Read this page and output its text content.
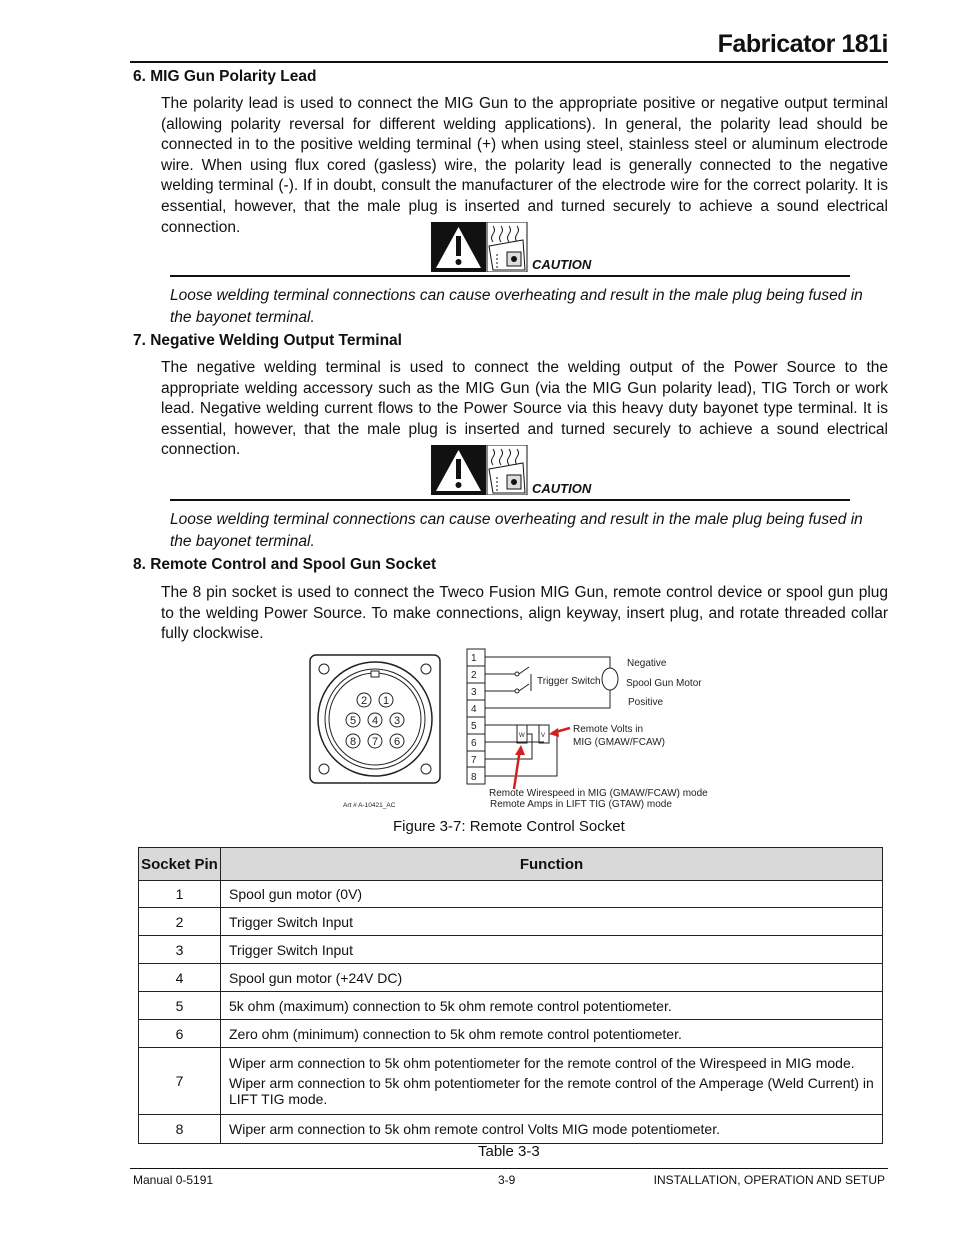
Fabricator 181i
6. MIG Gun Polarity Lead
The polarity lead is used to connect the MIG Gun to the appropriate positive or negative output terminal (allowing polarity reversal for different welding applications). In general, the polarity lead should be connected in to the positive welding terminal (+) when using steel, stainless steel or aluminum electrode wire. When using flux cored (gasless) wire, the polarity lead is generally connected to the negative welding terminal (-). If in doubt, consult the manufacturer of the electrode wire for the correct polarity. It is essential, however, that the male plug is inserted and turned securely to achieve a sound electrical connection.
CAUTION
Loose welding terminal connections can cause overheating and result in the male plug being fused in the bayonet terminal.
7. Negative Welding Output Terminal
The negative welding terminal is used to connect the welding output of the Power Source to the appropriate welding accessory such as the MIG Gun (via the MIG Gun polarity lead), TIG Torch or work lead. Negative welding current flows to the Power Source via this heavy duty bayonet type terminal. It is essential, however, that the male plug is inserted and turned securely to achieve a sound electrical connection.
CAUTION
Loose welding terminal connections can cause overheating and result in the male plug being fused in the bayonet terminal.
8. Remote Control and Spool Gun Socket
The 8 pin socket is used to connect the Tweco Fusion MIG Gun, remote control device or spool gun plug to the welding Power Source. To make connections, align keyway, insert plug, and rotate threaded collar fully clockwise.
2 1
5 4 3
8 7 6
Art # A-10421_AC
1
2
3
4
5
6
7
8
W	V
Trigger Switch
Negative
Spool Gun Motor
Positive
Remote Volts in
MIG (GMAW/FCAW)
Remote Wirespeed in MIG (GMAW/FCAW) mode
Remote Amps in LIFT TIG (GTAW) mode
Figure 3-7: Remote Control Socket
Socket Pin	Function
1	Spool gun motor (0V)

2	Trigger Switch Input

3	Trigger Switch Input

4	Spool gun motor (+24V DC)

5	5k ohm (maximum) connection to 5k ohm remote control potentiometer.

6	Zero ohm (minimum) connection to 5k ohm remote control potentiometer.

7	Wiper arm connection to 5k ohm potentiometer for the remote control of the Wirespeed in MIG mode.
Wiper arm connection to 5k ohm potentiometer for the remote control of the Amperage (Weld Current) in LIFT TIG mode.

8	Wiper arm connection to 5k ohm remote control Volts MIG mode potentiometer.
Table 3-3
Manual 0-5191	3-9	INSTALLATION, OPERATION AND SETUP
